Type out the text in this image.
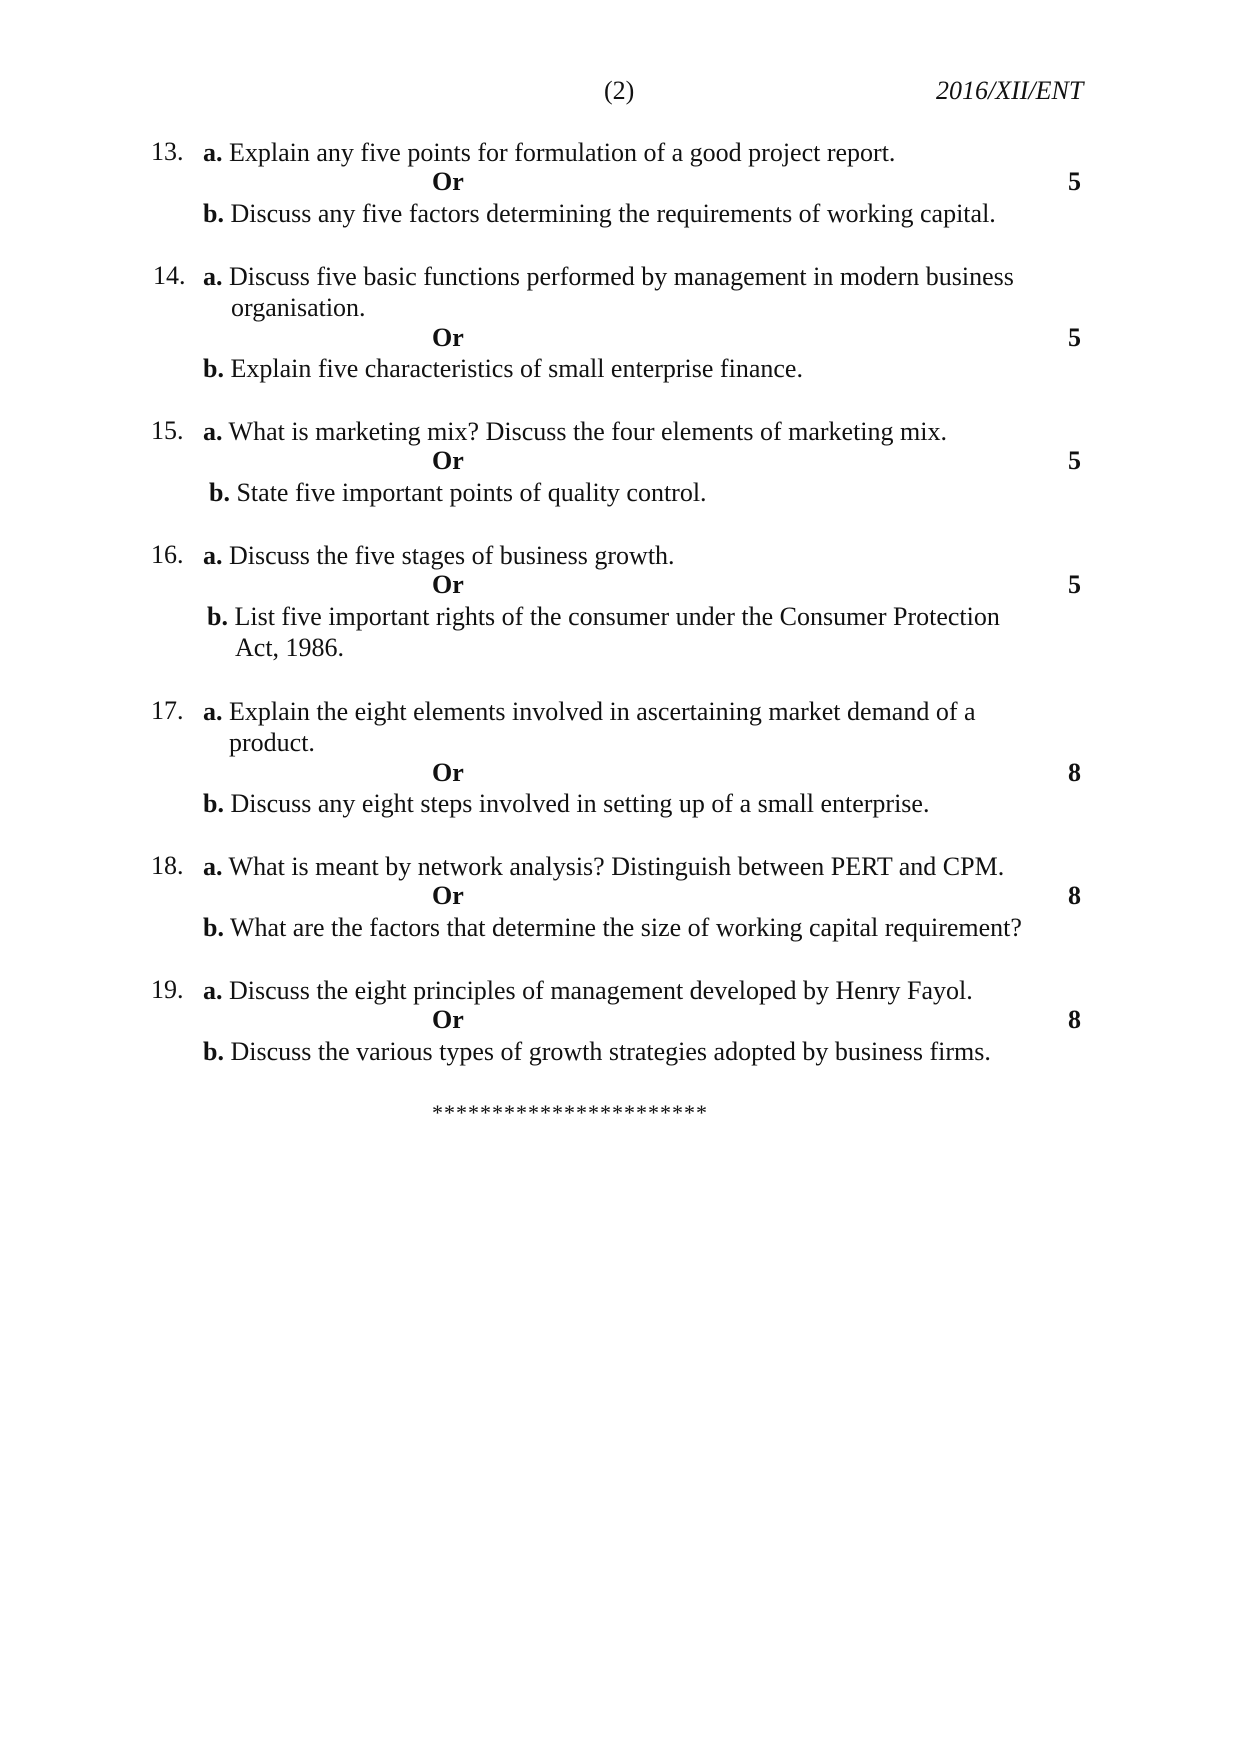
(2)	2016/XII/ENT
13. a. Explain any five points for formulation of a good project report.
Or	5
b. Discuss any five factors determining the requirements of working capital.
14. a. Discuss five basic functions performed by management in modern business
organisation.
Or	5
b. Explain five characteristics of small enterprise finance.
15. a. What is marketing mix? Discuss the four elements of marketing mix.
Or	5
b. State five important points of quality control.
16. a. Discuss the five stages of business growth.
Or	5
b. List five important rights of the consumer under the Consumer Protection
Act, 1986.
17. a. Explain the eight elements involved in ascertaining market demand of a
product.
Or	8
b. Discuss any eight steps involved in setting up of a small enterprise.
18. a. What is meant by network analysis? Distinguish between PERT and CPM.
Or	8
b. What are the factors that determine the size of working capital requirement?
19. a. Discuss the eight principles of management developed by Henry Fayol.
Or	8
b. Discuss the various types of growth strategies adopted by business firms.
***********************
